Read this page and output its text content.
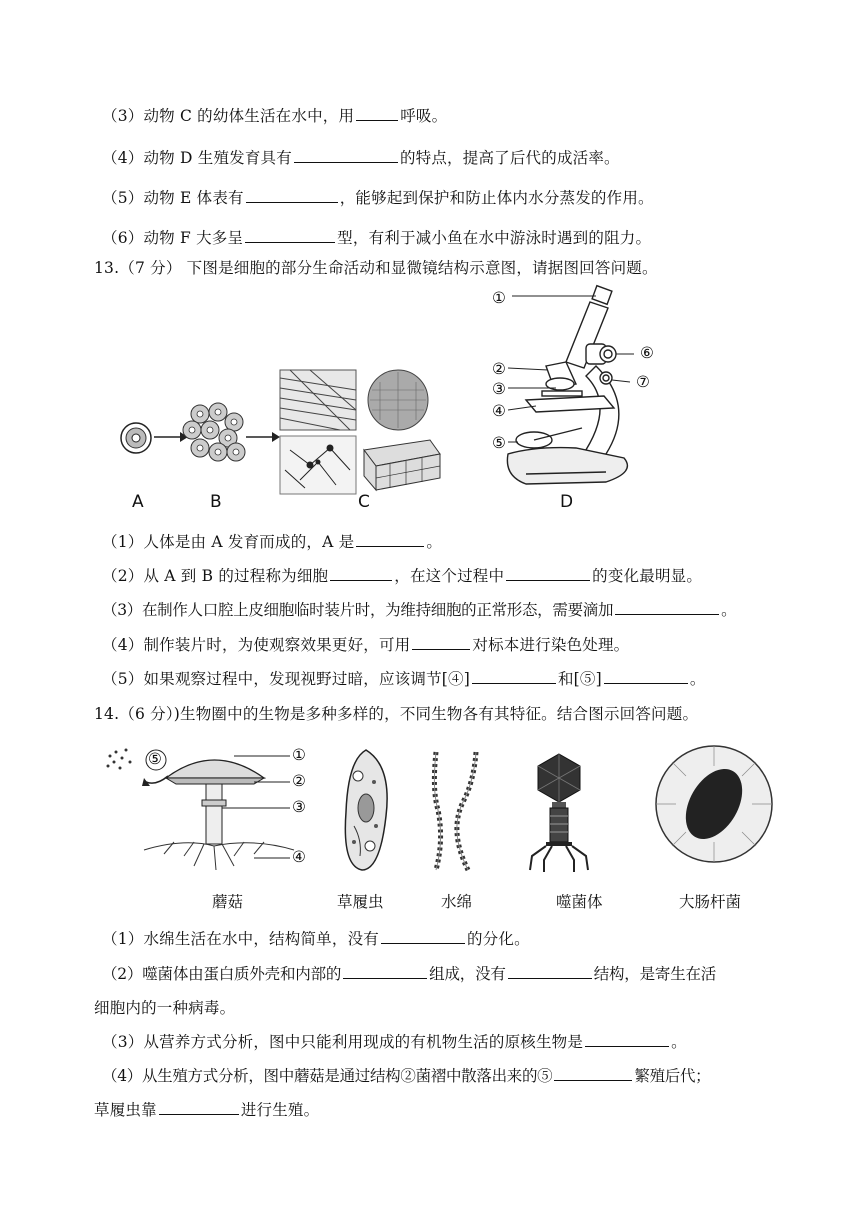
（3）动物 C 的幼体生活在水中，用	呼吸。
（4）动物 D 生殖发育具有	的特点，提高了后代的成活率。
（5）动物 E 体表有	，能够起到保护和防止体内水分蒸发的作用。
（6）动物 F 大多呈	型，有利于减小鱼在水中游泳时遇到的阻力。
13.（7 分） 下图是细胞的部分生命活动和显微镜结构示意图，请据图回答问题。
①
②
③
④
⑤
⑥
⑦
A	B	C	D
（1）人体是由 A 发育而成的，A 是	。
（2）从 A 到 B 的过程称为细胞	，在这个过程中	的变化最明显。
（3）在制作人口腔上皮细胞临时装片时，为维持细胞的正常形态，需要滴加	。
（4）制作装片时，为使观察效果更好，可用	对标本进行染色处理。
（5）如果观察过程中，发现视野过暗，应该调节[④]	和[⑤]	。
14.（6 分）)生物圈中的生物是多种多样的，不同生物各有其特征。结合图示回答问题。
⑤	①
②
③
④
蘑菇	草履虫	水绵	噬菌体	大肠杆菌
（1）水绵生活在水中，结构简单，没有	的分化。
（2）噬菌体由蛋白质外壳和内部的	组成，没有	结构，是寄生在活
细胞内的一种病毒。
（3）从营养方式分析，图中只能利用现成的有机物生活的原核生物是	。
（4）从生殖方式分析，图中蘑菇是通过结构②菌褶中散落出来的⑤	繁殖后代；
草履虫靠	进行生殖。
